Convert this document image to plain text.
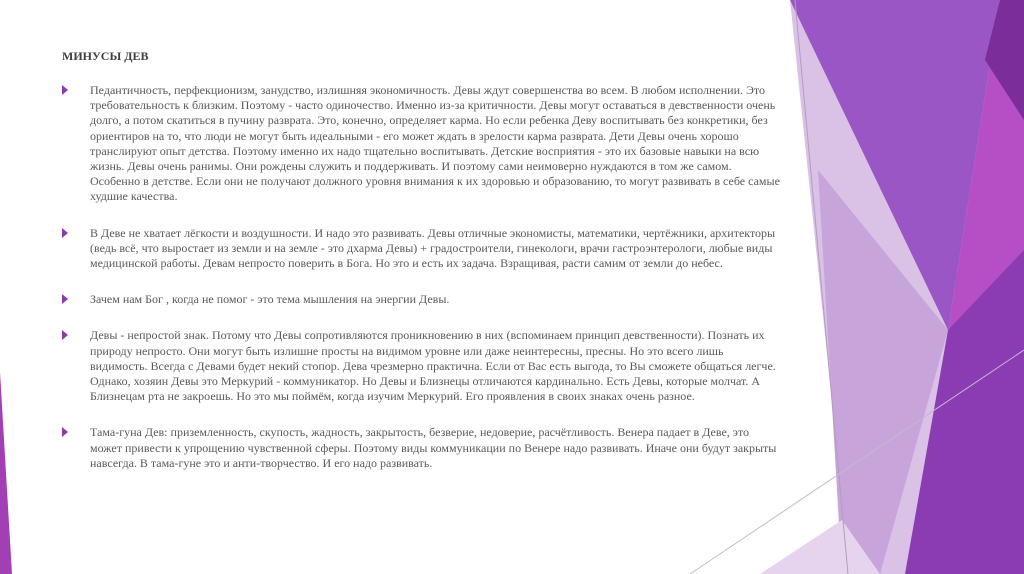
МИНУСЫ ДЕВ
Педантичность, перфекционизм, занудство, излишняя экономичность. Девы ждут совершенства во всем. В любом исполнении. Это требовательность к близким. Поэтому - часто одиночество. Именно из-за критичности. Девы могут оставаться в девственности очень долго, а потом скатиться в пучину разврата. Это, конечно, определяет карма. Но если ребенка Деву воспитывать без конкретики, без ориентиров на то, что люди не могут быть идеальными - его может ждать в зрелости карма разврата. Дети Девы очень хорошо транслируют опыт детства. Поэтому именно их надо тщательно воспитывать. Детские восприятия - это их базовые навыки на всю жизнь. Девы очень ранимы. Они рождены служить и поддерживать. И поэтому сами неимоверно нуждаются в том же самом. Особенно в детстве. Если они не получают должного уровня внимания к их здоровью и образованию, то могут развивать в себе самые худшие качества.
В Деве не хватает лёгкости и воздушности. И надо это развивать. Девы отличные экономисты, математики, чертёжники, архитекторы (ведь всё, что выростает из земли и на земле - это дхарма Девы) + градостроители, гинекологи, врачи гастроэнтерологи, любые виды медицинской работы. Девам непросто поверить в Бога. Но это и есть их задача. Взращивая, расти самим от земли до небес.
Зачем нам Бог , когда не помог - это тема мышления на энергии Девы.
Девы - непростой знак. Потому что Девы сопротивляются проникновению в них (вспоминаем принцип девственности). Познать их природу непросто. Они могут быть излишне просты на видимом уровне или даже неинтересны, пресны. Но это всего лишь видимость. Всегда с Девами будет некий стопор. Дева чрезмерно практична. Если от Вас есть выгода, то Вы сможете общаться легче. Однако, хозяин Девы это Меркурий - коммуникатор. Но Девы и Близнецы отличаются кардинально. Есть Девы, которые молчат. А Близнецам рта не закроешь. Но это мы поймём, когда изучим Меркурий. Его проявления в своих знаках очень разное.
Тама-гуна Дев: приземленность, скупость, жадность, закрытость, безверие, недоверие, расчётливость. Венера падает в Деве, это может привести к упрощению чувственной сферы. Поэтому виды коммуникации по Венере надо развивать. Иначе они будут закрыты навсегда. В тама-гуне это и анти-творчество. И его надо развивать.
